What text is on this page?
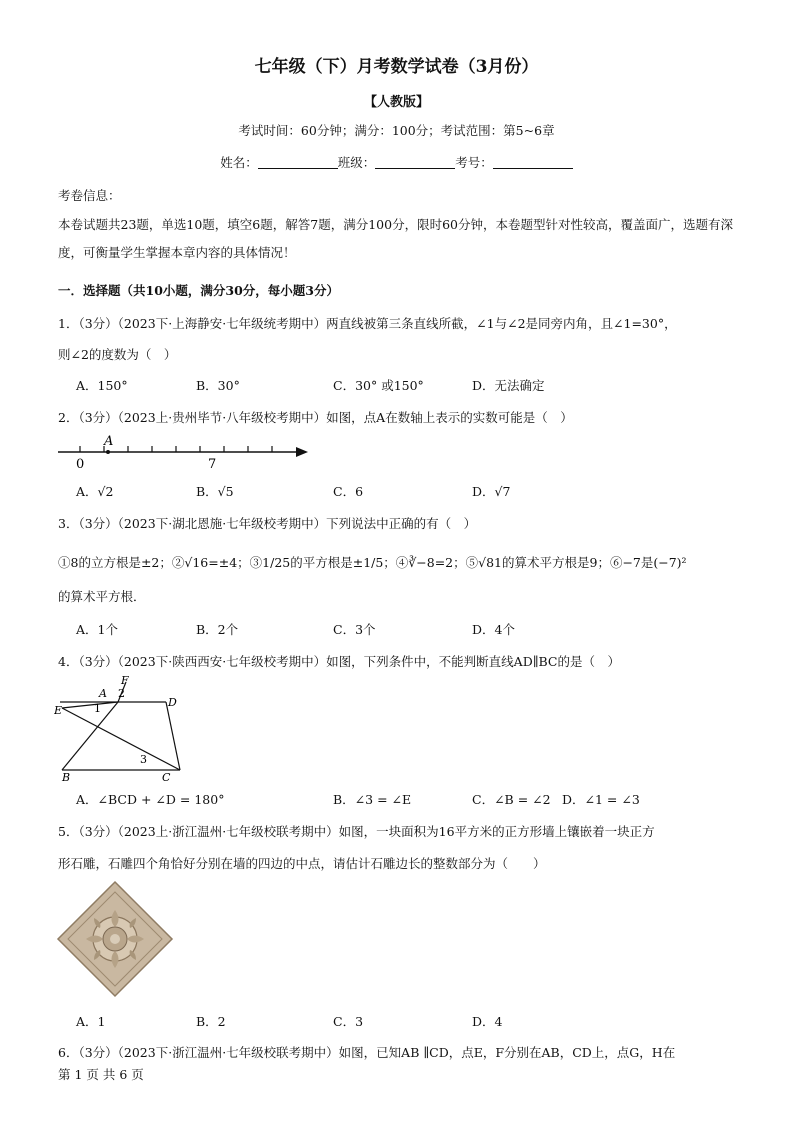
七年级（下）月考数学试卷（3月份）
【人教版】
考试时间：60分钟；满分：100分；考试范围：第5~6章
姓名：	班级：	考号：
考卷信息：
本卷试题共23题，单选10题，填空6题，解答7题，满分100分，限时60分钟，本卷题型针对性较高，覆盖面广，选题有深度，可衡量学生掌握本章内容的具体情况！
一．选择题（共10小题，满分30分，每小题3分）
1．（3分）（2023下·上海静安·七年级统考期中）两直线被第三条直线所截，∠1与∠2是同旁内角，且∠1=30°，
则∠2的度数为（　）
A．150°	B．30°	C．30° 或150°	D．无法确定
2．（3分）（2023上·贵州毕节·八年级校考期中）如图，点A在数轴上表示的实数可能是（　）
A
0	7
A．√2	B．√5	C．6	D．√7
3．（3分）（2023下·湖北恩施·七年级校考期中）下列说法中正确的有（　）
①8的立方根是±2；②√16=±4；③1/25的平方根是±1/5；④∛−8=2；⑤√81的算术平方根是9；⑥−7是(−7)²
的算术平方根．
A．1个	B．2个	C．3个	D．4个
4．（3分）（2023下·陕西西安·七年级校考期中）如图，下列条件中，不能判断直线AD∥BC的是（　）
A
F
2
D
E	1
3
B	C
A．∠BCD + ∠D = 180°	B．∠3 = ∠E	C．∠B = ∠2 D．∠1 = ∠3
5．（3分）（2023上·浙江温州·七年级校联考期中）如图，一块面积为16平方米的正方形墙上镶嵌着一块正方
形石雕，石雕四个角恰好分别在墙的四边的中点，请估计石雕边长的整数部分为（　　）
A．1	B．2	C．3	D．4
6．（3分）（2023下·浙江温州·七年级校联考期中）如图，已知AB ∥CD，点E，F分别在AB，CD上，点G，H在
第 1 页 共 6 页
